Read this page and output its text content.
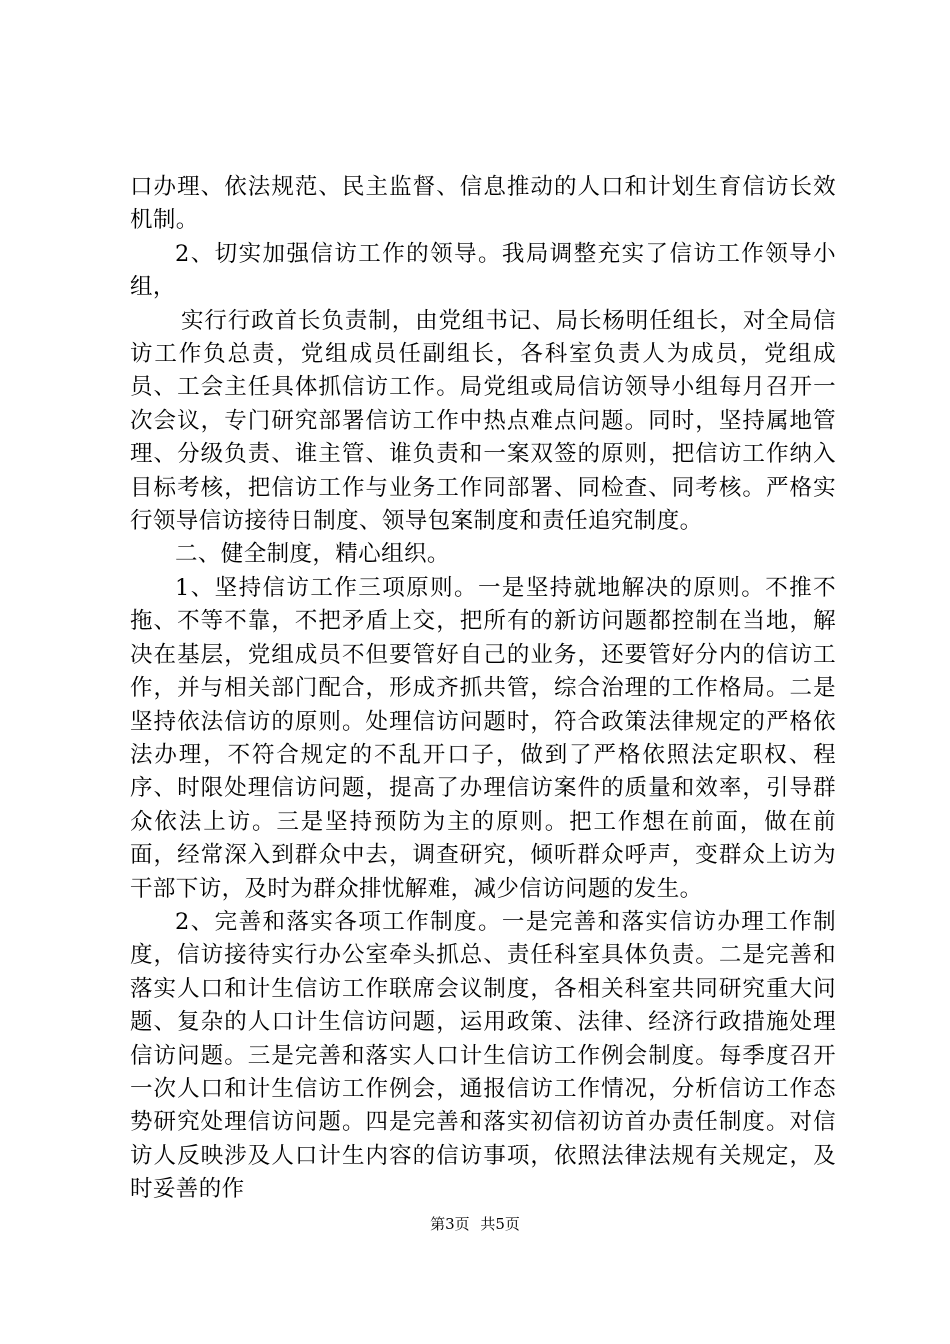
口办理、依法规范、民主监督、信息推动的人口和计划生育信访长效机制。

2、切实加强信访工作的领导。我局调整充实了信访工作领导小组，

实行行政首长负责制，由党组书记、局长杨明任组长，对全局信访工作负总责，党组成员任副组长，各科室负责人为成员，党组成员、工会主任具体抓信访工作。局党组或局信访领导小组每月召开一次会议，专门研究部署信访工作中热点难点问题。同时，坚持属地管理、分级负责、谁主管、谁负责和一案双签的原则，把信访工作纳入目标考核，把信访工作与业务工作同部署、同检查、同考核。严格实行领导信访接待日制度、领导包案制度和责任追究制度。

二、健全制度，精心组织。

1、坚持信访工作三项原则。一是坚持就地解决的原则。不推不拖、不等不靠，不把矛盾上交，把所有的新访问题都控制在当地，解决在基层，党组成员不但要管好自己的业务，还要管好分内的信访工作，并与相关部门配合，形成齐抓共管，综合治理的工作格局。二是坚持依法信访的原则。处理信访问题时，符合政策法律规定的严格依法办理，不符合规定的不乱开口子，做到了严格依照法定职权、程序、时限处理信访问题，提高了办理信访案件的质量和效率，引导群众依法上访。三是坚持预防为主的原则。把工作想在前面，做在前面，经常深入到群众中去，调查研究，倾听群众呼声，变群众上访为干部下访，及时为群众排忧解难，减少信访问题的发生。

2、完善和落实各项工作制度。一是完善和落实信访办理工作制度，信访接待实行办公室牵头抓总、责任科室具体负责。二是完善和落实人口和计生信访工作联席会议制度，各相关科室共同研究重大问题、复杂的人口计生信访问题，运用政策、法律、经济行政措施处理信访问题。三是完善和落实人口计生信访工作例会制度。每季度召开一次人口和计生信访工作例会，通报信访工作情况，分析信访工作态势研究处理信访问题。四是完善和落实初信初访首办责任制度。对信访人反映涉及人口计生内容的信访事项，依照法律法规有关规定，及时妥善的作

第3页 共5页
